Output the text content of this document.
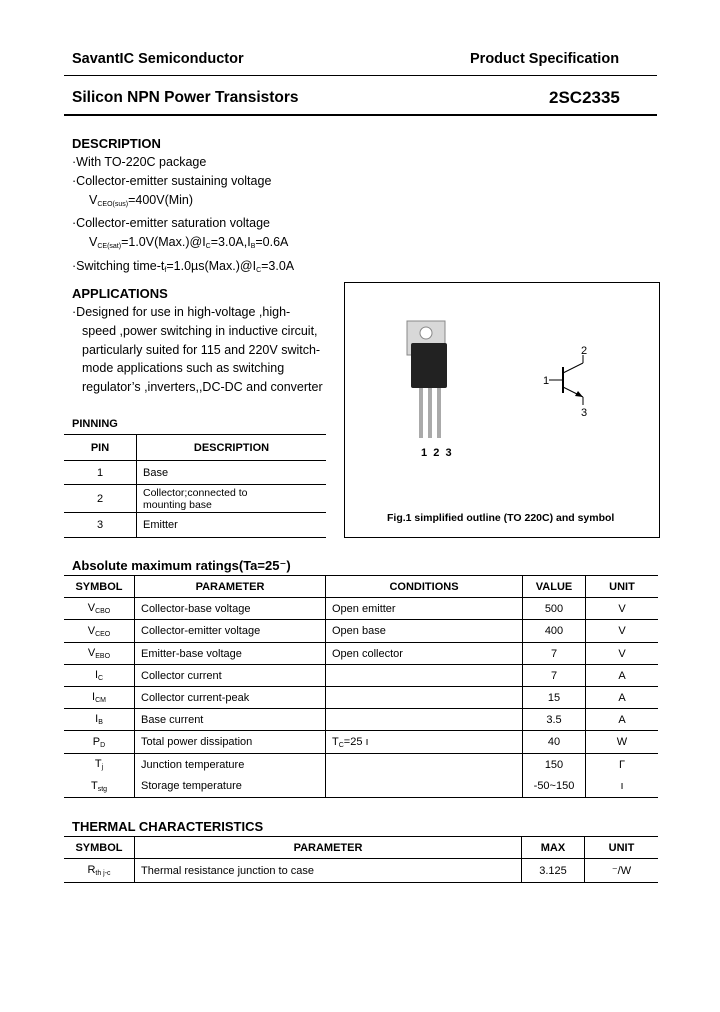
SavantIC Semiconductor	Product Specification
Silicon NPN Power Transistors	2SC2335
DESCRIPTION
·With TO-220C package
·Collector-emitter sustaining voltage
$V_{CEO(sus)}=400V(Min)$
·Collector-emitter saturation voltage
$V_{CE(sat)}=1.0V(Max.)@I_C=3.0A,I_B=0.6A$
·Switching time-$t_f=1.0\mu s(Max.)@I_C=3.0A$
APPLICATIONS
·Designed for use in high-voltage ,high-
speed ,power switching in inductive circuit,
particularly suited for 115 and 220V switch-
mode applications such as switching
regulator’s ,inverters,,DC-DC and converter
PINNING
PIN	DESCRIPTION
1	Base
2	Collector;connected to
mounting base

3	Emitter
1  2  3
1
2
3
Fig.1 simplified outline (TO 220C) and symbol
Absolute maximum ratings(Ta=25⁻)
SYMBOL	PARAMETER	CONDITIONS	VALUE	UNIT
$V_{CBO}$	Collector-base voltage	Open emitter	500	V
$V_{CEO}$	Collector-emitter voltage	Open base	400	V
$V_{EBO}$	Emitter-base voltage	Open collector	7	V
$I_C$	Collector current		7	A
$I_{CM}$	Collector current-peak		15	A
$I_B$	Base current		3.5	A
$P_D$	Total power dissipation	$T_C=25$ ı	40	W
$T_j$	Junction temperature		150	Γ
$T_{stg}$	Storage temperature		-50~150	ı
THERMAL CHARACTERISTICS
SYMBOL	PARAMETER	MAX	UNIT
$R_{th j-c}$	Thermal resistance junction to case	3.125	⁻/W
